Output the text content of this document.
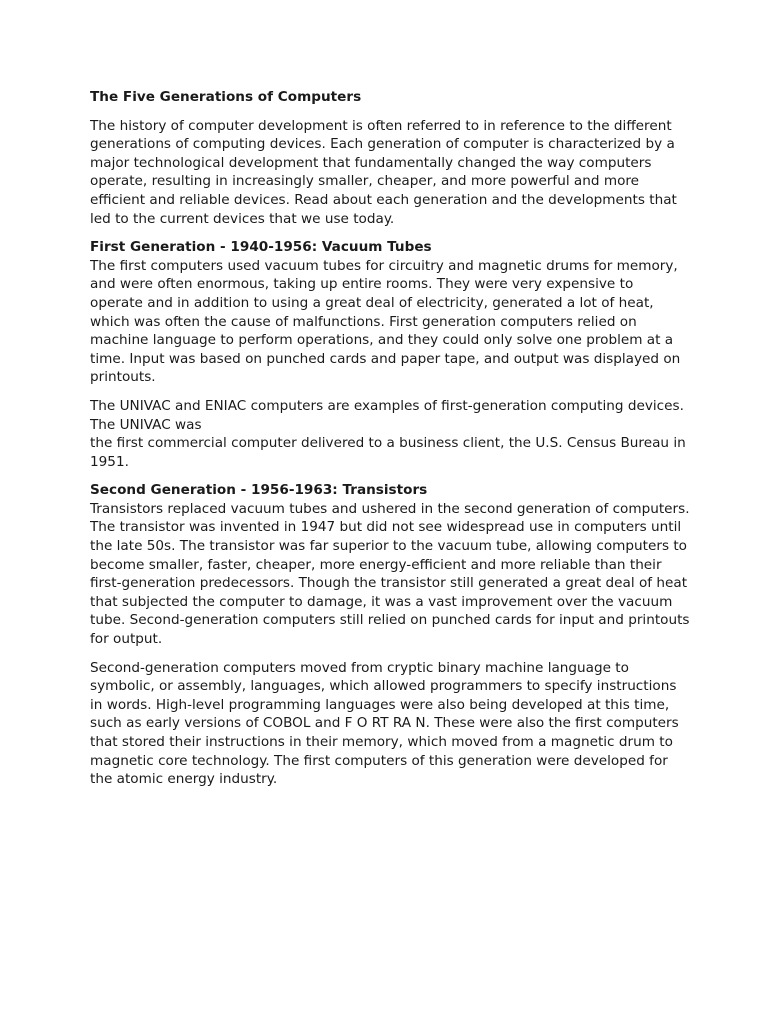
The Five Generations of Computers

The history of computer development is often referred to in reference to the different generations of computing devices. Each generation of computer is characterized by a major technological development that fundamentally changed the way computers operate, resulting in increasingly smaller, cheaper, and more powerful and more efficient and reliable devices. Read about each generation and the developments that led to the current devices that we use today.

First Generation - 1940-1956: Vacuum Tubes

The first computers used vacuum tubes for circuitry and magnetic drums for memory, and were often enormous, taking up entire rooms. They were very expensive to operate and in addition to using a great deal of electricity, generated a lot of heat, which was often the cause of malfunctions. First generation computers relied on machine language to perform operations, and they could only solve one problem at a time. Input was based on punched cards and paper tape, and output was displayed on printouts.

The UNIVAC and ENIAC computers are examples of first-generation computing devices. The UNIVAC was
the first commercial computer delivered to a business client, the U.S. Census Bureau in 1951.

Second Generation - 1956-1963: Transistors

Transistors replaced vacuum tubes and ushered in the second generation of computers. The transistor was invented in 1947 but did not see widespread use in computers until the late 50s. The transistor was far superior to the vacuum tube, allowing computers to become smaller, faster, cheaper, more energy-efficient and more reliable than their first-generation predecessors. Though the transistor still generated a great deal of heat that subjected the computer to damage, it was a vast improvement over the vacuum tube. Second-generation computers still relied on punched cards for input and printouts for output.

Second-generation computers moved from cryptic binary machine language to symbolic, or assembly, languages, which allowed programmers to specify instructions in words. High-level programming languages were also being developed at this time, such as early versions of COBOL and F O RT RA N. These were also the first computers that stored their instructions in their memory, which moved from a magnetic drum to magnetic core technology. The first computers of this generation were developed for the atomic energy industry.
